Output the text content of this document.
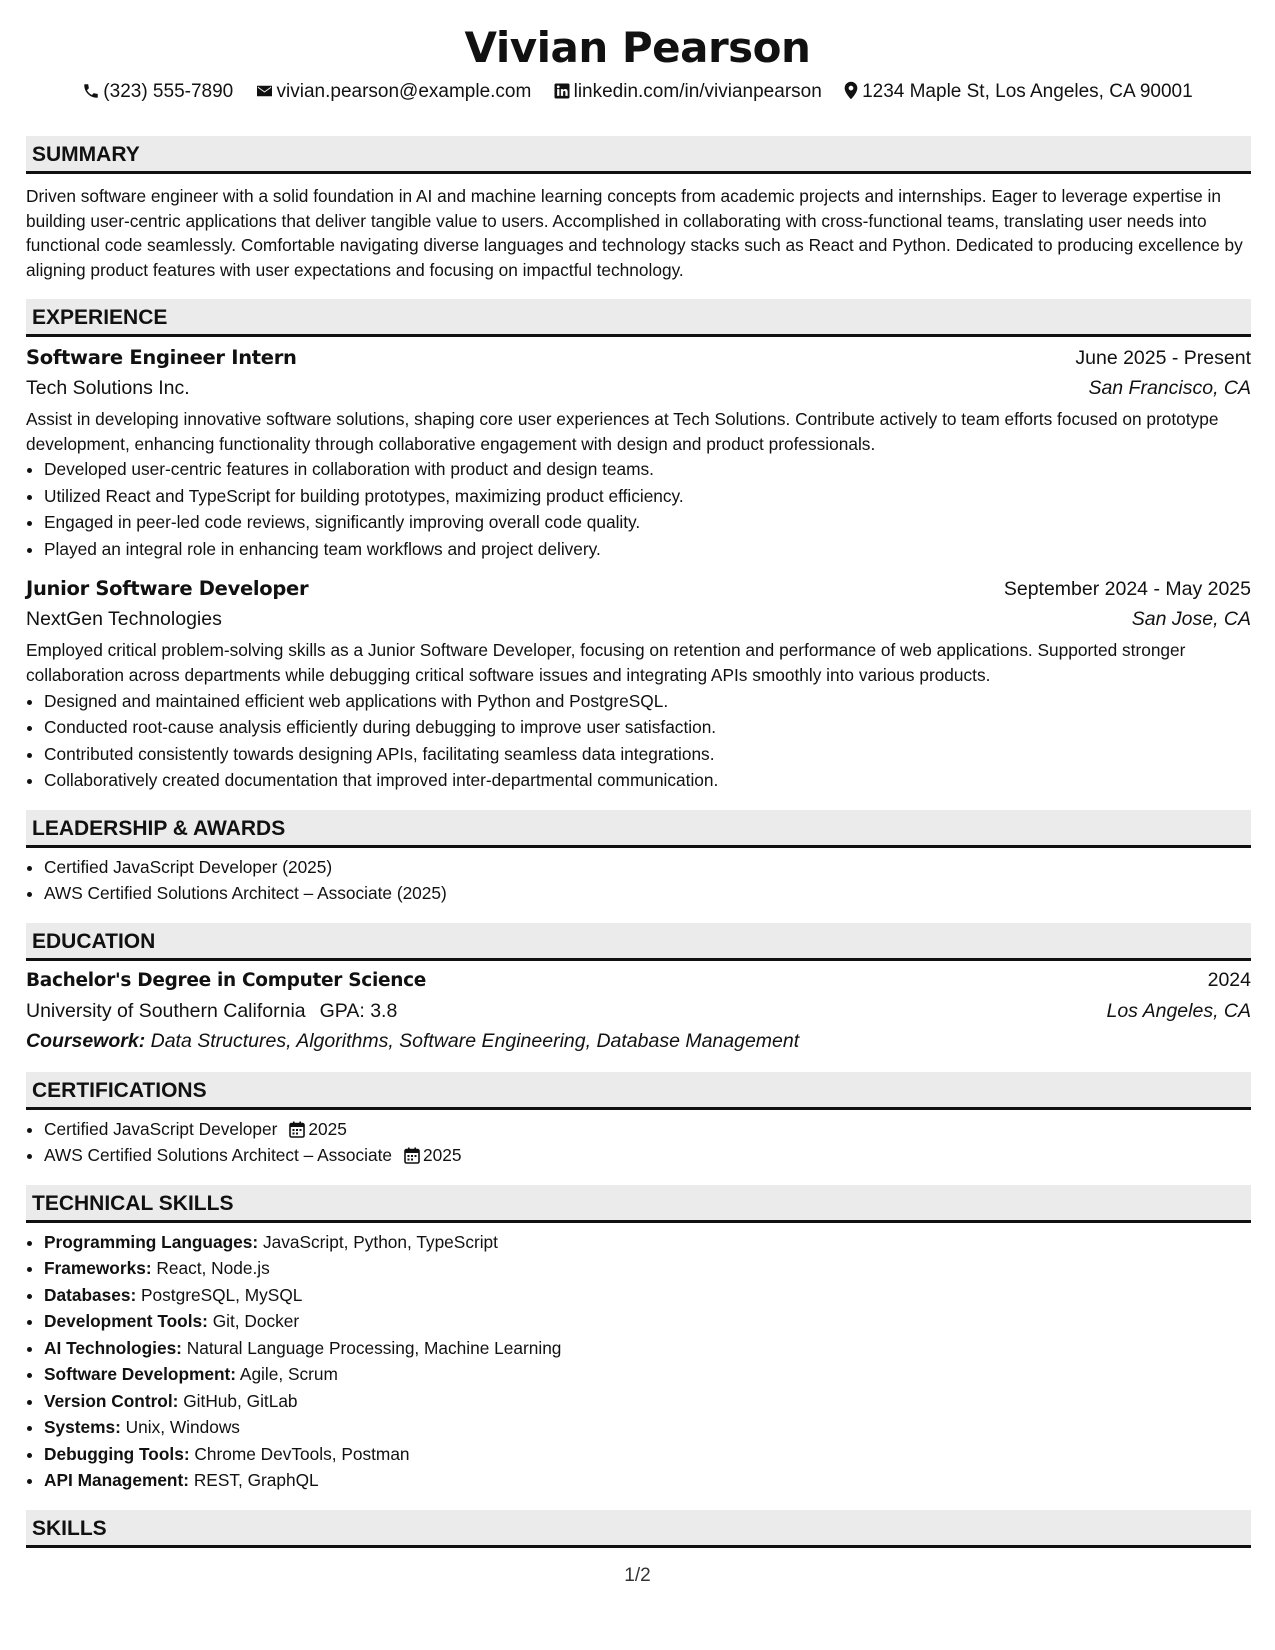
Vivian Pearson
(323) 555-7890 vivian.pearson@example.com linkedin.com/in/vivianpearson 1234 Maple St, Los Angeles, CA 90001
SUMMARY

Driven software engineer with a solid foundation in AI and machine learning concepts from academic projects and internships. Eager to leverage expertise in building user-centric applications that deliver tangible value to users. Accomplished in collaborating with cross-functional teams, translating user needs into functional code seamlessly. Comfortable navigating diverse languages and technology stacks such as React and Python. Dedicated to producing excellence by aligning product features with user expectations and focusing on impactful technology.

EXPERIENCE
Software Engineer Intern	June 2025 - Present
Tech Solutions Inc.	San Francisco, CA

Assist in developing innovative software solutions, shaping core user experiences at Tech Solutions. Contribute actively to team efforts focused on prototype development, enhancing functionality through collaborative engagement with design and product professionals.

• Developed user-centric features in collaboration with product and design teams.
• Utilized React and TypeScript for building prototypes, maximizing product efficiency.
• Engaged in peer-led code reviews, significantly improving overall code quality.
• Played an integral role in enhancing team workflows and project delivery.
Junior Software Developer	September 2024 - May 2025
NextGen Technologies	San Jose, CA

Employed critical problem-solving skills as a Junior Software Developer, focusing on retention and performance of web applications. Supported stronger collaboration across departments while debugging critical software issues and integrating APIs smoothly into various products.

• Designed and maintained efficient web applications with Python and PostgreSQL.
• Conducted root-cause analysis efficiently during debugging to improve user satisfaction.
• Contributed consistently towards designing APIs, facilitating seamless data integrations.
• Collaboratively created documentation that improved inter-departmental communication.
LEADERSHIP & AWARDS
• Certified JavaScript Developer (2025)
• AWS Certified Solutions Architect – Associate (2025)
EDUCATION
Bachelor's Degree in Computer Science	2024
University of Southern California GPA: 3.8	Los Angeles, CA
Coursework: Data Structures, Algorithms, Software Engineering, Database Management
CERTIFICATIONS
• Certified JavaScript Developer 2025
• AWS Certified Solutions Architect – Associate 2025
TECHNICAL SKILLS
• Programming Languages: JavaScript, Python, TypeScript
• Frameworks: React, Node.js
• Databases: PostgreSQL, MySQL
• Development Tools: Git, Docker
• AI Technologies: Natural Language Processing, Machine Learning
• Software Development: Agile, Scrum
• Version Control: GitHub, GitLab
• Systems: Unix, Windows
• Debugging Tools: Chrome DevTools, Postman
• API Management: REST, GraphQL
SKILLS
1/2
